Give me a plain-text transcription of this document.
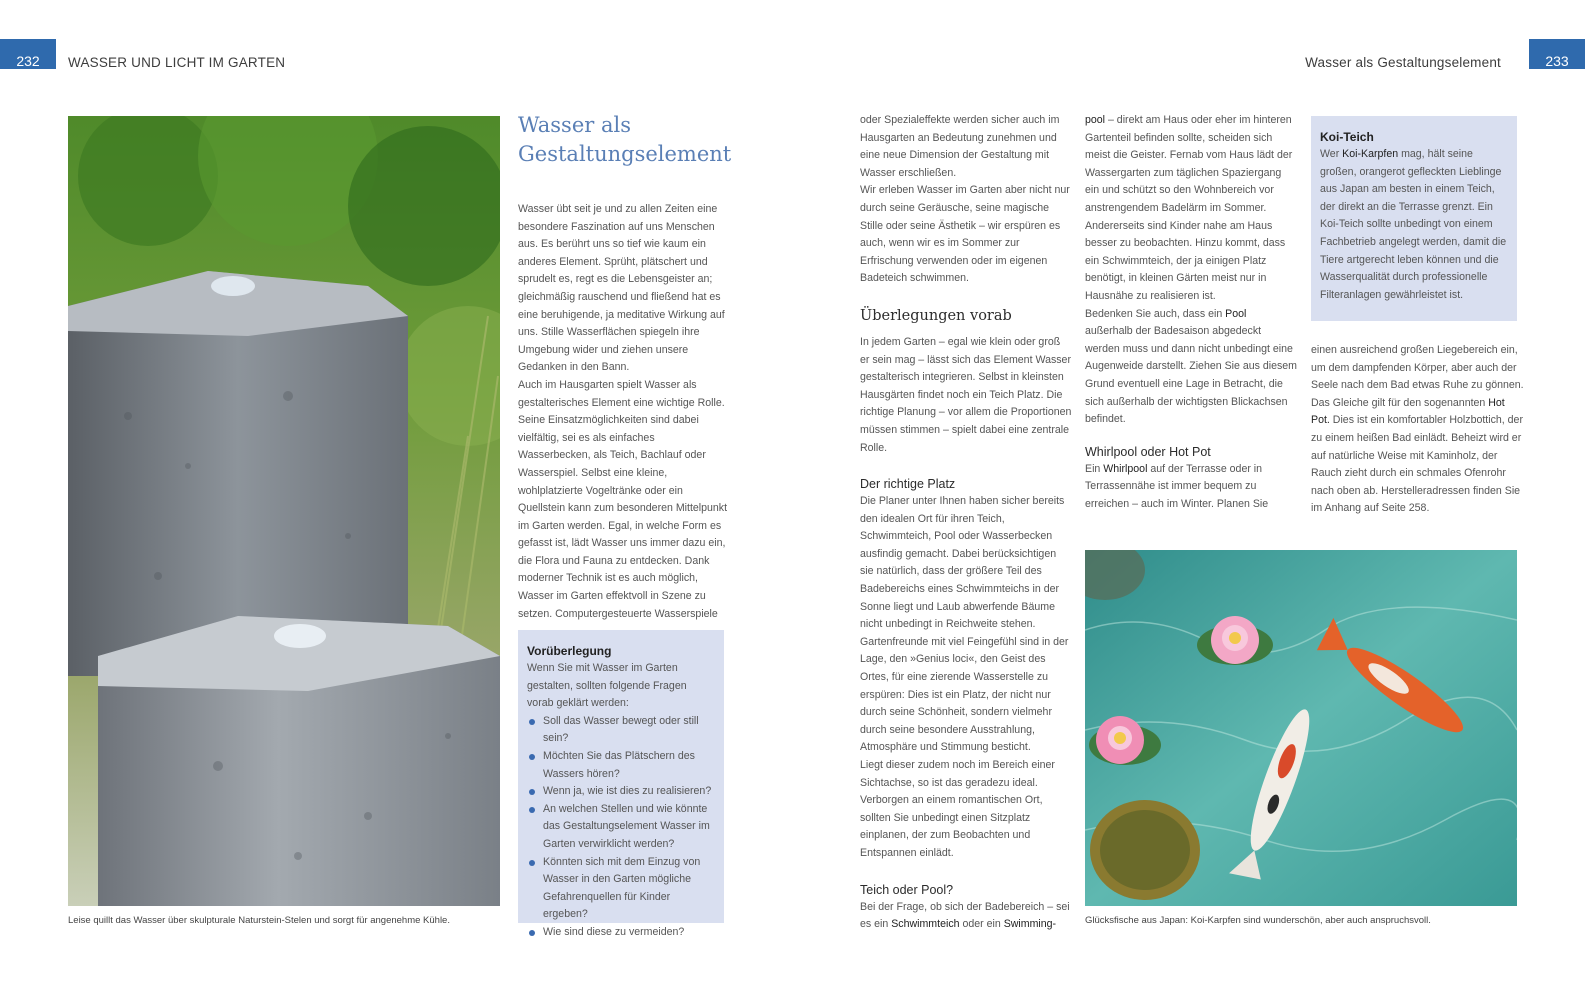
232	WASSER UND LICHT IM GARTEN	Wasser als Gestaltungselement	233
Leise quillt das Wasser über skulpturale Naturstein-Stelen und sorgt für angenehme Kühle.
Wasser als
Gestaltungselement

Wasser übt seit je und zu allen Zeiten eine besondere Faszination auf uns Menschen aus. Es berührt uns so tief wie kaum ein anderes Element. Sprüht, plätschert und sprudelt es, regt es die Lebensgeister an; gleichmäßig rauschend und fließend hat es eine beruhigende, ja meditative Wirkung auf uns. Stille Wasserflächen spiegeln ihre Umgebung wider und ziehen unsere Gedanken in den Bann.

Auch im Hausgarten spielt Wasser als gestalterisches Element eine wichtige Rolle. Seine Einsatzmöglichkeiten sind dabei vielfältig, sei es als einfaches Wasserbecken, als Teich, Bachlauf oder Wasserspiel. Selbst eine kleine, wohlplatzierte Vogeltränke oder ein Quellstein kann zum besonderen Mittelpunkt im Garten werden. Egal, in welche Form es gefasst ist, lädt Wasser uns immer dazu ein, die Flora und Fauna zu entdecken. Dank moderner Technik ist es auch möglich, Wasser im Garten effektvoll in Szene zu setzen. Computergesteuerte Wasserspiele

Vorüberlegung
Wenn Sie mit Wasser im Garten gestalten, sollten folgende Fragen vorab geklärt werden:
Soll das Wasser bewegt oder still sein?
Möchten Sie das Plätschern des Wassers hören?
Wenn ja, wie ist dies zu realisieren?
An welchen Stellen und wie könnte das Gestaltungselement Wasser im Garten verwirklicht werden?
Könnten sich mit dem Einzug von Wasser in den Garten mögliche Gefahrenquellen für Kinder ergeben?
Wie sind diese zu vermeiden?

oder Spezialeffekte werden sicher auch im Hausgarten an Bedeutung zunehmen und eine neue Dimension der Gestaltung mit Wasser erschließen.

Wir erleben Wasser im Garten aber nicht nur durch seine Geräusche, seine magische Stille oder seine Ästhetik – wir erspüren es auch, wenn wir es im Sommer zur Erfrischung verwenden oder im eigenen Badeteich schwimmen.

Überlegungen vorab

In jedem Garten – egal wie klein oder groß er sein mag – lässt sich das Element Wasser gestalterisch integrieren. Selbst in kleinsten Hausgärten findet noch ein Teich Platz. Die richtige Planung – vor allem die Proportionen müssen stimmen – spielt dabei eine zentrale Rolle.

Der richtige Platz

Die Planer unter Ihnen haben sicher bereits den idealen Ort für ihren Teich, Schwimmteich, Pool oder Wasserbecken ausfindig gemacht. Dabei berücksichtigen sie natürlich, dass der größere Teil des Badebereichs eines Schwimmteichs in der Sonne liegt und Laub abwerfende Bäume nicht unbedingt in Reichweite stehen.

Gartenfreunde mit viel Feingefühl sind in der Lage, den »Genius loci«, den Geist des Ortes, für eine zierende Wasserstelle zu erspüren: Dies ist ein Platz, der nicht nur durch seine Schönheit, sondern vielmehr durch seine besondere Ausstrahlung, Atmosphäre und Stimmung besticht.

Liegt dieser zudem noch im Bereich einer Sichtachse, so ist das geradezu ideal. Verborgen an einem romantischen Ort, sollten Sie unbedingt einen Sitzplatz einplanen, der zum Beobachten und Entspannen einlädt.

Teich oder Pool?

Bei der Frage, ob sich der Badebereich – sei es ein Schwimmteich oder ein Swimming-

pool – direkt am Haus oder eher im hinteren Gartenteil befinden sollte, scheiden sich meist die Geister. Fernab vom Haus lädt der Wassergarten zum täglichen Spaziergang ein und schützt so den Wohnbereich vor anstrengendem Badelärm im Sommer. Andererseits sind Kinder nahe am Haus besser zu beobachten. Hinzu kommt, dass ein Schwimmteich, der ja einigen Platz benötigt, in kleinen Gärten meist nur in Hausnähe zu realisieren ist.

Bedenken Sie auch, dass ein Pool außerhalb der Badesaison abgedeckt werden muss und dann nicht unbedingt eine Augenweide darstellt. Ziehen Sie aus diesem Grund eventuell eine Lage in Betracht, die sich außerhalb der wichtigsten Blickachsen befindet.

Whirlpool oder Hot Pot

Ein Whirlpool auf der Terrasse oder in Terrassennähe ist immer bequem zu erreichen – auch im Winter. Planen Sie

Koi-Teich
Wer Koi-Karpfen mag, hält seine großen, orangerot gefleckten Lieblinge aus Japan am besten in einem Teich, der direkt an die Terrasse grenzt. Ein Koi-Teich sollte unbedingt von einem Fachbetrieb angelegt werden, damit die Tiere artgerecht leben können und die Wasserqualität durch professionelle Filteranlagen gewährleistet ist.

einen ausreichend großen Liegebereich ein, um dem dampfenden Körper, aber auch der Seele nach dem Bad etwas Ruhe zu gönnen. Das Gleiche gilt für den sogenannten Hot Pot. Dies ist ein komfortabler Holzbottich, der zu einem heißen Bad einlädt. Beheizt wird er auf natürliche Weise mit Kaminholz, der Rauch zieht durch ein schmales Ofenrohr nach oben ab. Herstelleradressen finden Sie im Anhang auf Seite 258.

Glücksfische aus Japan: Koi-Karpfen sind wunderschön, aber auch anspruchsvoll.
